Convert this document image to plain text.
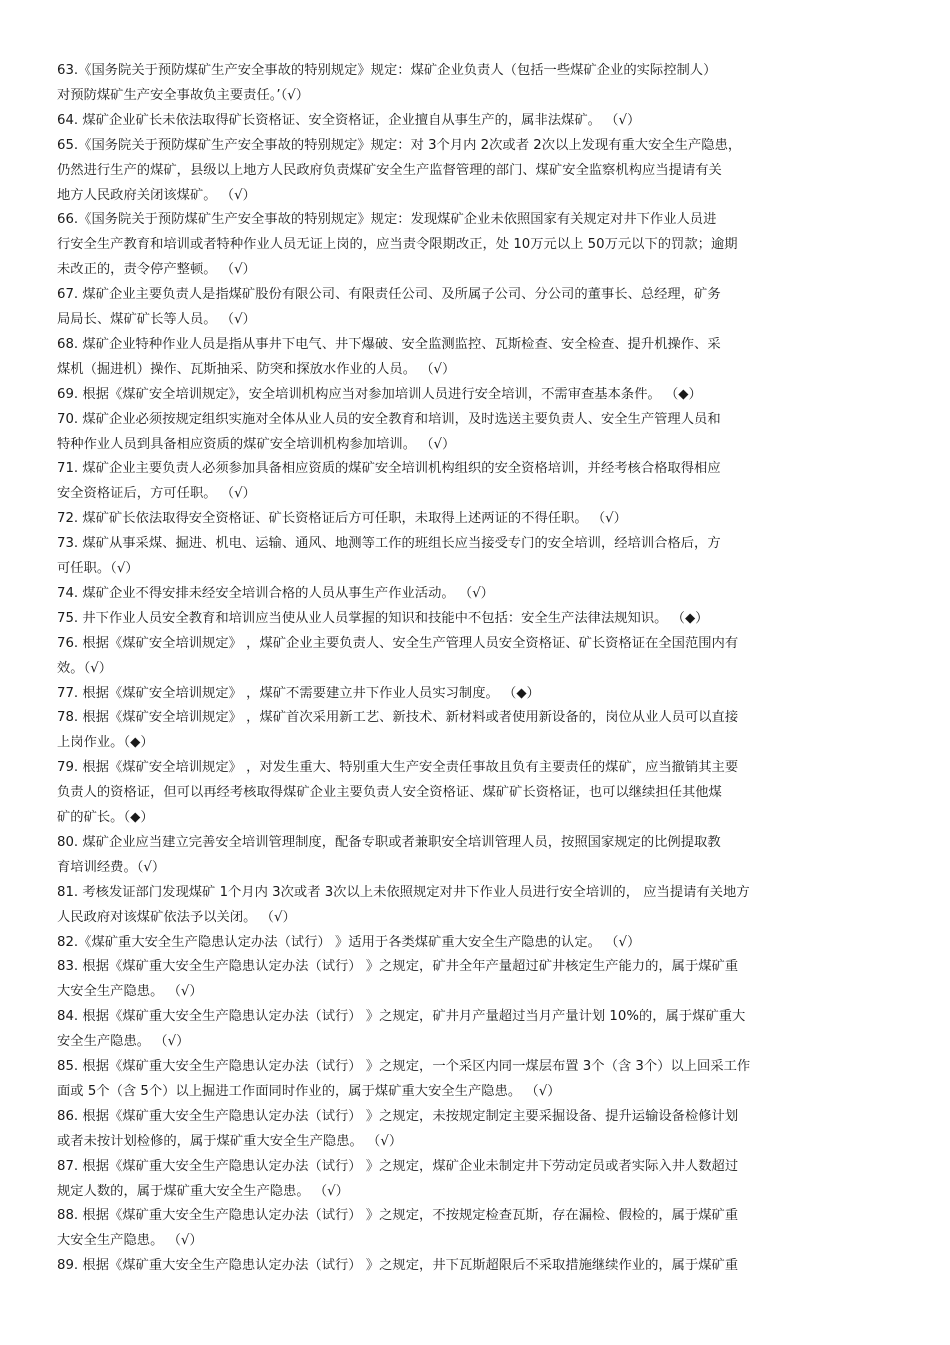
63.《国务院关于预防煤矿生产安全事故的特别规定》规定：煤矿企业负责人（包括一些煤矿企业的实际控制人）
对预防煤矿生产安全事故负主要责任。’（√）
64. 煤矿企业矿长未依法取得矿长资格证、安全资格证，企业擅自从事生产的，属非法煤矿。 （√）
65.《国务院关于预防煤矿生产安全事故的特别规定》规定：对 3个月内 2次或者 2次以上发现有重大安全生产隐患，
仍然进行生产的煤矿，县级以上地方人民政府负责煤矿安全生产监督管理的部门、煤矿安全监察机构应当提请有关
地方人民政府关闭该煤矿。 （√）
66.《国务院关于预防煤矿生产安全事故的特别规定》规定：发现煤矿企业未依照国家有关规定对井下作业人员进
行安全生产教育和培训或者特种作业人员无证上岗的，应当责令限期改正，处 10万元以上 50万元以下的罚款；逾期
未改正的，责令停产整顿。 （√）
67. 煤矿企业主要负责人是指煤矿股份有限公司、有限责任公司、及所属子公司、分公司的董事长、总经理，矿务
局局长、煤矿矿长等人员。 （√）
68. 煤矿企业特种作业人员是指从事井下电气、井下爆破、安全监测监控、瓦斯检查、安全检查、提升机操作、采
煤机（掘进机）操作、瓦斯抽采、防突和探放水作业的人员。 （√）
69. 根据《煤矿安全培训规定》，安全培训机构应当对参加培训人员进行安全培训，不需审查基本条件。 （◆）
70. 煤矿企业必须按规定组织实施对全体从业人员的安全教育和培训，及时选送主要负责人、安全生产管理人员和
特种作业人员到具备相应资质的煤矿安全培训机构参加培训。 （√）
71. 煤矿企业主要负责人必须参加具备相应资质的煤矿安全培训机构组织的安全资格培训，并经考核合格取得相应
安全资格证后，方可任职。 （√）
72. 煤矿矿长依法取得安全资格证、矿长资格证后方可任职，未取得上述两证的不得任职。 （√）
73. 煤矿从事采煤、掘进、机电、运输、通风、地测等工作的班组长应当接受专门的安全培训，经培训合格后，方
可任职。（√）
74. 煤矿企业不得安排未经安全培训合格的人员从事生产作业活动。 （√）
75. 井下作业人员安全教育和培训应当使从业人员掌握的知识和技能中不包括：安全生产法律法规知识。 （◆）
76. 根据《煤矿安全培训规定》 ，煤矿企业主要负责人、安全生产管理人员安全资格证、矿长资格证在全国范围内有
效。（√）
77. 根据《煤矿安全培训规定》 ，煤矿不需要建立井下作业人员实习制度。 （◆）
78. 根据《煤矿安全培训规定》 ，煤矿首次采用新工艺、新技术、新材料或者使用新设备的，岗位从业人员可以直接
上岗作业。（◆）
79. 根据《煤矿安全培训规定》 ，对发生重大、特别重大生产安全责任事故且负有主要责任的煤矿，应当撤销其主要
负责人的资格证，但可以再经考核取得煤矿企业主要负责人安全资格证、煤矿矿长资格证，也可以继续担任其他煤
矿的矿长。（◆）
80. 煤矿企业应当建立完善安全培训管理制度，配备专职或者兼职安全培训管理人员，按照国家规定的比例提取教
育培训经费。（√）
81. 考核发证部门发现煤矿 1个月内 3次或者 3次以上未依照规定对井下作业人员进行安全培训的， 应当提请有关地方
人民政府对该煤矿依法予以关闭。 （√）
82.《煤矿重大安全生产隐患认定办法（试行） 》适用于各类煤矿重大安全生产隐患的认定。 （√）
83. 根据《煤矿重大安全生产隐患认定办法（试行） 》之规定，矿井全年产量超过矿井核定生产能力的，属于煤矿重
大安全生产隐患。 （√）
84. 根据《煤矿重大安全生产隐患认定办法（试行） 》之规定，矿井月产量超过当月产量计划 10%的，属于煤矿重大
安全生产隐患。 （√）
85. 根据《煤矿重大安全生产隐患认定办法（试行） 》之规定，一个采区内同一煤层布置 3个（含 3个）以上回采工作
面或 5个（含 5个）以上掘进工作面同时作业的，属于煤矿重大安全生产隐患。 （√）
86. 根据《煤矿重大安全生产隐患认定办法（试行） 》之规定，未按规定制定主要采掘设备、提升运输设备检修计划
或者未按计划检修的，属于煤矿重大安全生产隐患。 （√）
87. 根据《煤矿重大安全生产隐患认定办法（试行） 》之规定，煤矿企业未制定井下劳动定员或者实际入井人数超过
规定人数的，属于煤矿重大安全生产隐患。 （√）
88. 根据《煤矿重大安全生产隐患认定办法（试行） 》之规定，不按规定检查瓦斯，存在漏检、假检的，属于煤矿重
大安全生产隐患。 （√）
89. 根据《煤矿重大安全生产隐患认定办法（试行） 》之规定，井下瓦斯超限后不采取措施继续作业的，属于煤矿重
